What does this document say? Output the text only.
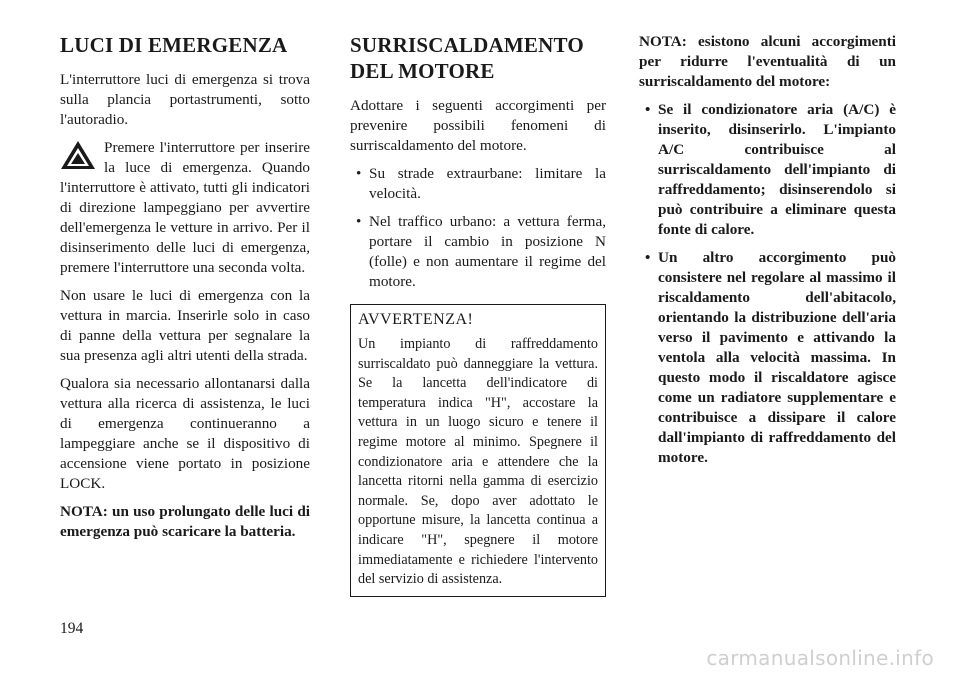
LUCI DI EMERGENZA

L'interruttore luci di emergenza si trova sulla plancia portastrumenti, sotto l'autoradio.

Premere l'interruttore per inserire la luce di emergenza. Quando l'interruttore è attivato, tutti gli indicatori di direzione lampeggiano per avvertire dell'emergenza le vetture in arrivo. Per il disinserimento delle luci di emergenza, premere l'interruttore una seconda volta.

Non usare le luci di emergenza con la vettura in marcia. Inserirle solo in caso di panne della vettura per segnalare la sua presenza agli altri utenti della strada.

Qualora sia necessario allontanarsi dalla vettura alla ricerca di assistenza, le luci di emergenza continueranno a lampeggiare anche se il dispositivo di accensione viene portato in posizione LOCK.

NOTA: un uso prolungato delle luci di emergenza può scaricare la batteria.

SURRISCALDAMENTO DEL MOTORE

Adottare i seguenti accorgimenti per prevenire possibili fenomeni di surriscaldamento del motore.

• Su strade extraurbane: limitare la velocità.
• Nel traffico urbano: a vettura ferma, portare il cambio in posizione N (folle) e non aumentare il regime del motore.
AVVERTENZA!

Un impianto di raffreddamento surriscaldato può danneggiare la vettura. Se la lancetta dell'indicatore di temperatura indica "H", accostare la vettura in un luogo sicuro e tenere il regime motore al minimo. Spegnere il condizionatore aria e attendere che la lancetta ritorni nella gamma di esercizio normale. Se, dopo aver adottato le opportune misure, la lancetta continua a indicare "H", spegnere il motore immediatamente e richiedere l'intervento del servizio di assistenza.

NOTA: esistono alcuni accorgimenti per ridurre l'eventualità di un surriscaldamento del motore:

• Se il condizionatore aria (A/C) è inserito, disinserirlo. L'impianto A/C contribuisce al surriscaldamento dell'impianto di raffreddamento; disinserendolo si può contribuire a eliminare questa fonte di calore.
• Un altro accorgimento può consistere nel regolare al massimo il riscaldamento dell'abitacolo, orientando la distribuzione dell'aria verso il pavimento e attivando la ventola alla velocità massima. In questo modo il riscaldatore agisce come un radiatore supplementare e contribuisce a dissipare il calore dall'impianto di raffreddamento del motore.
194
carmanualsonline.info
